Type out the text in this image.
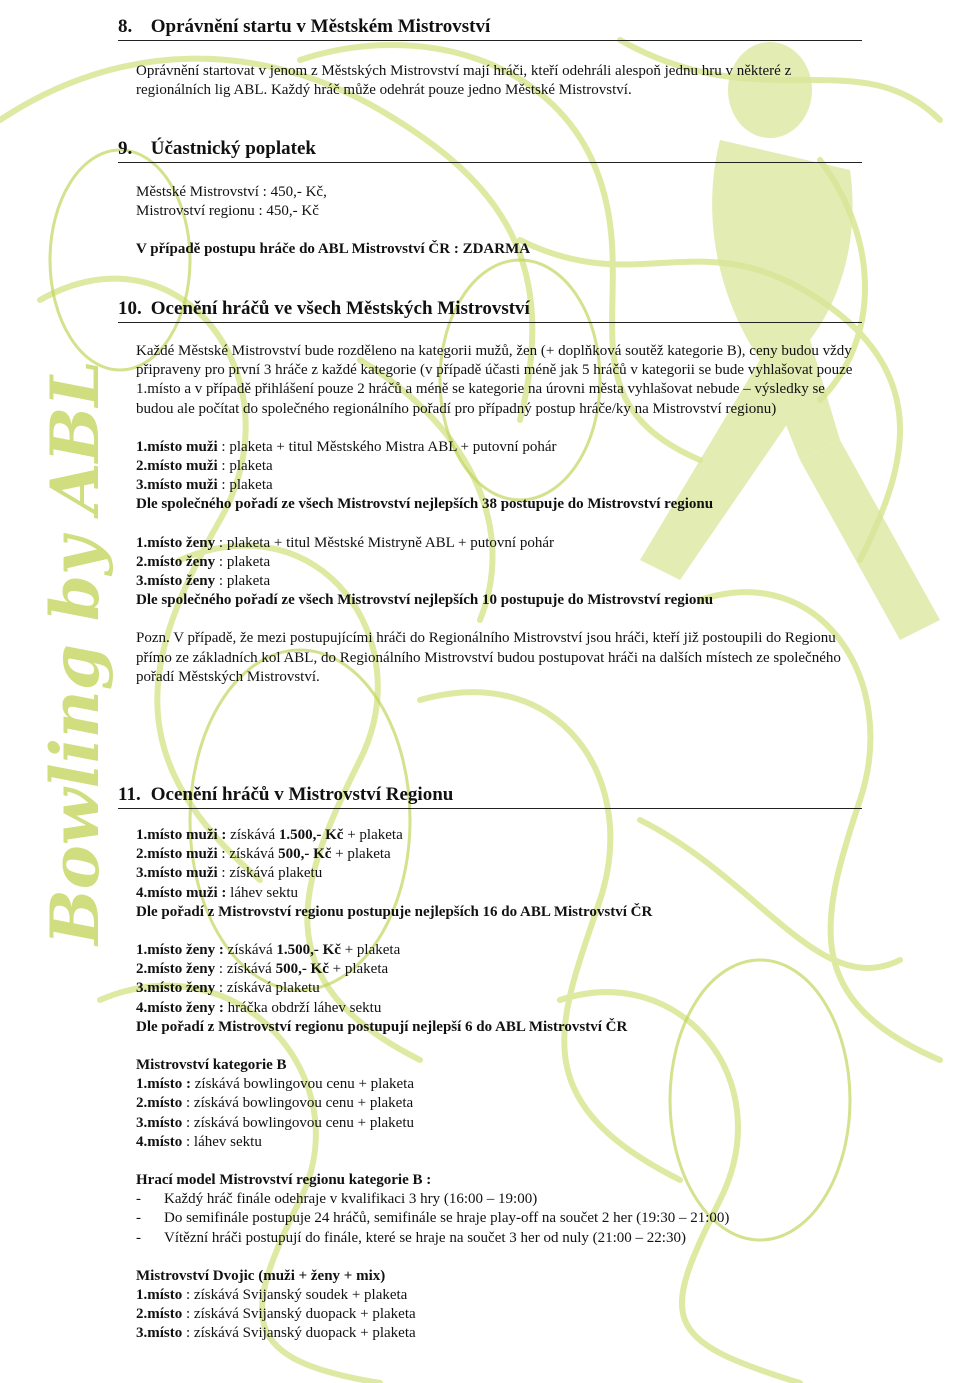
Bowling by ABL
8. Oprávnění startu v Městském Mistrovství
Oprávnění startovat v jenom z Městských Mistrovství mají hráči, kteří odehráli alespoň jednu hru v některé z regionálních lig ABL. Každý hráč může odehrát pouze jedno Městské Mistrovství.
9. Účastnický poplatek
Městské Mistrovství : 450,- Kč,
Mistrovství regionu : 450,- Kč
V případě postupu hráče do ABL Mistrovství ČR : ZDARMA
10. Ocenění hráčů ve všech Městských Mistrovství
Každé Městské Mistrovství bude rozděleno na kategorii mužů, žen (+ doplňková soutěž kategorie B), ceny budou vždy připraveny pro první 3 hráče z každé kategorie (v případě účasti méně jak 5 hráčů v kategorii se bude vyhlašovat pouze 1.místo a v případě přihlášení pouze 2 hráčů a méně se kategorie na úrovni města vyhlašovat nebude – výsledky se budou ale počítat do společného regionálního pořadí pro případný postup hráče/ky na Mistrovství regionu)
1.místo muži : plaketa + titul Městského Mistra ABL + putovní pohár
2.místo muži : plaketa
3.místo muži : plaketa
Dle společného pořadí ze všech Mistrovství nejlepších 38 postupuje do Mistrovství regionu
1.místo ženy : plaketa + titul Městské Mistryně ABL + putovní pohár
2.místo ženy : plaketa
3.místo ženy : plaketa
Dle společného pořadí ze všech Mistrovství nejlepších 10 postupuje do Mistrovství regionu
Pozn. V případě, že mezi postupujícími hráči do Regionálního Mistrovství jsou hráči, kteří již postoupili do Regionu přímo ze základních kol ABL, do Regionálního Mistrovství budou postupovat hráči na dalších místech ze společného pořadí Městských Mistrovství.
11. Ocenění hráčů v Mistrovství Regionu
1.místo muži : získává 1.500,- Kč + plaketa
2.místo muži : získává 500,- Kč + plaketa
3.místo muži : získává plaketu
4.místo muži : láhev sektu
Dle pořadí z Mistrovství regionu postupuje nejlepších 16 do ABL Mistrovství ČR
1.místo ženy : získává 1.500,- Kč + plaketa
2.místo ženy : získává 500,- Kč + plaketa
3.místo ženy : získává plaketu
4.místo ženy : hráčka obdrží láhev sektu
Dle pořadí z Mistrovství regionu postupují nejlepší 6 do ABL Mistrovství ČR
Mistrovství kategorie B
1.místo : získává bowlingovou cenu + plaketa
2.místo : získává bowlingovou cenu + plaketa
3.místo : získává bowlingovou cenu + plaketu
4.místo : láhev sektu
Hrací model Mistrovství regionu kategorie B :
- Každý hráč finále odehraje v kvalifikaci 3 hry (16:00 – 19:00)
- Do semifinále postupuje 24 hráčů, semifinále se hraje play-off na součet 2 her (19:30 – 21:00)
- Vítězní hráči postupují do finále, které se hraje na součet 3 her od nuly (21:00 – 22:30)
Mistrovství Dvojic (muži + ženy + mix)
1.místo : získává Svijanský soudek + plaketa
2.místo : získává Svijanský duopack + plaketa
3.místo : získává Svijanský duopack + plaketa
